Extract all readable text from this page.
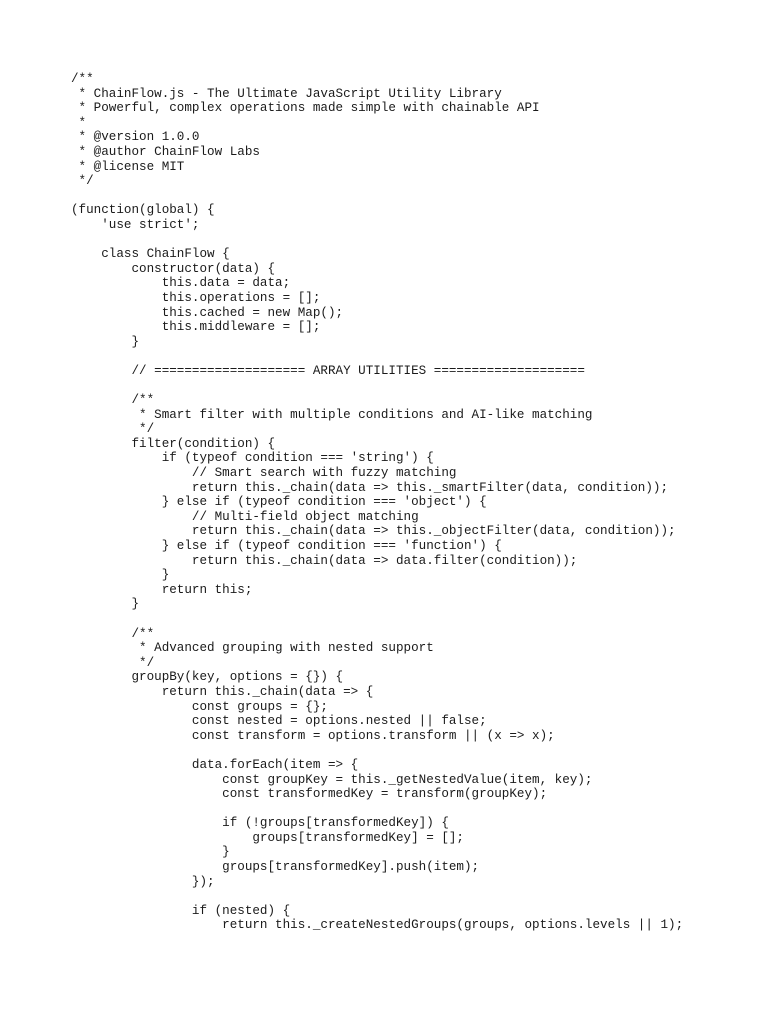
/**
* ChainFlow.js - The Ultimate JavaScript Utility Library
* Powerful, complex operations made simple with chainable API
*
* @version 1.0.0
* @author ChainFlow Labs
* @license MIT
*/
(function(global) {
'use strict';
class ChainFlow {
constructor(data) {
this.data = data;
this.operations = [];
this.cached = new Map();
this.middleware = [];
}
// ==================== ARRAY UTILITIES ====================
/**
* Smart filter with multiple conditions and AI-like matching
*/
filter(condition) {
if (typeof condition === 'string') {
// Smart search with fuzzy matching
return this._chain(data => this._smartFilter(data, condition));
} else if (typeof condition === 'object') {
// Multi-field object matching
return this._chain(data => this._objectFilter(data, condition));
} else if (typeof condition === 'function') {
return this._chain(data => data.filter(condition));
}
return this;
}
/**
* Advanced grouping with nested support
*/
groupBy(key, options = {}) {
return this._chain(data => {
const groups = {};
const nested = options.nested || false;
const transform = options.transform || (x => x);
data.forEach(item => {
const groupKey = this._getNestedValue(item, key);
const transformedKey = transform(groupKey);
if (!groups[transformedKey]) {
groups[transformedKey] = [];
}
groups[transformedKey].push(item);
});
if (nested) {
return this._createNestedGroups(groups, options.levels || 1);
